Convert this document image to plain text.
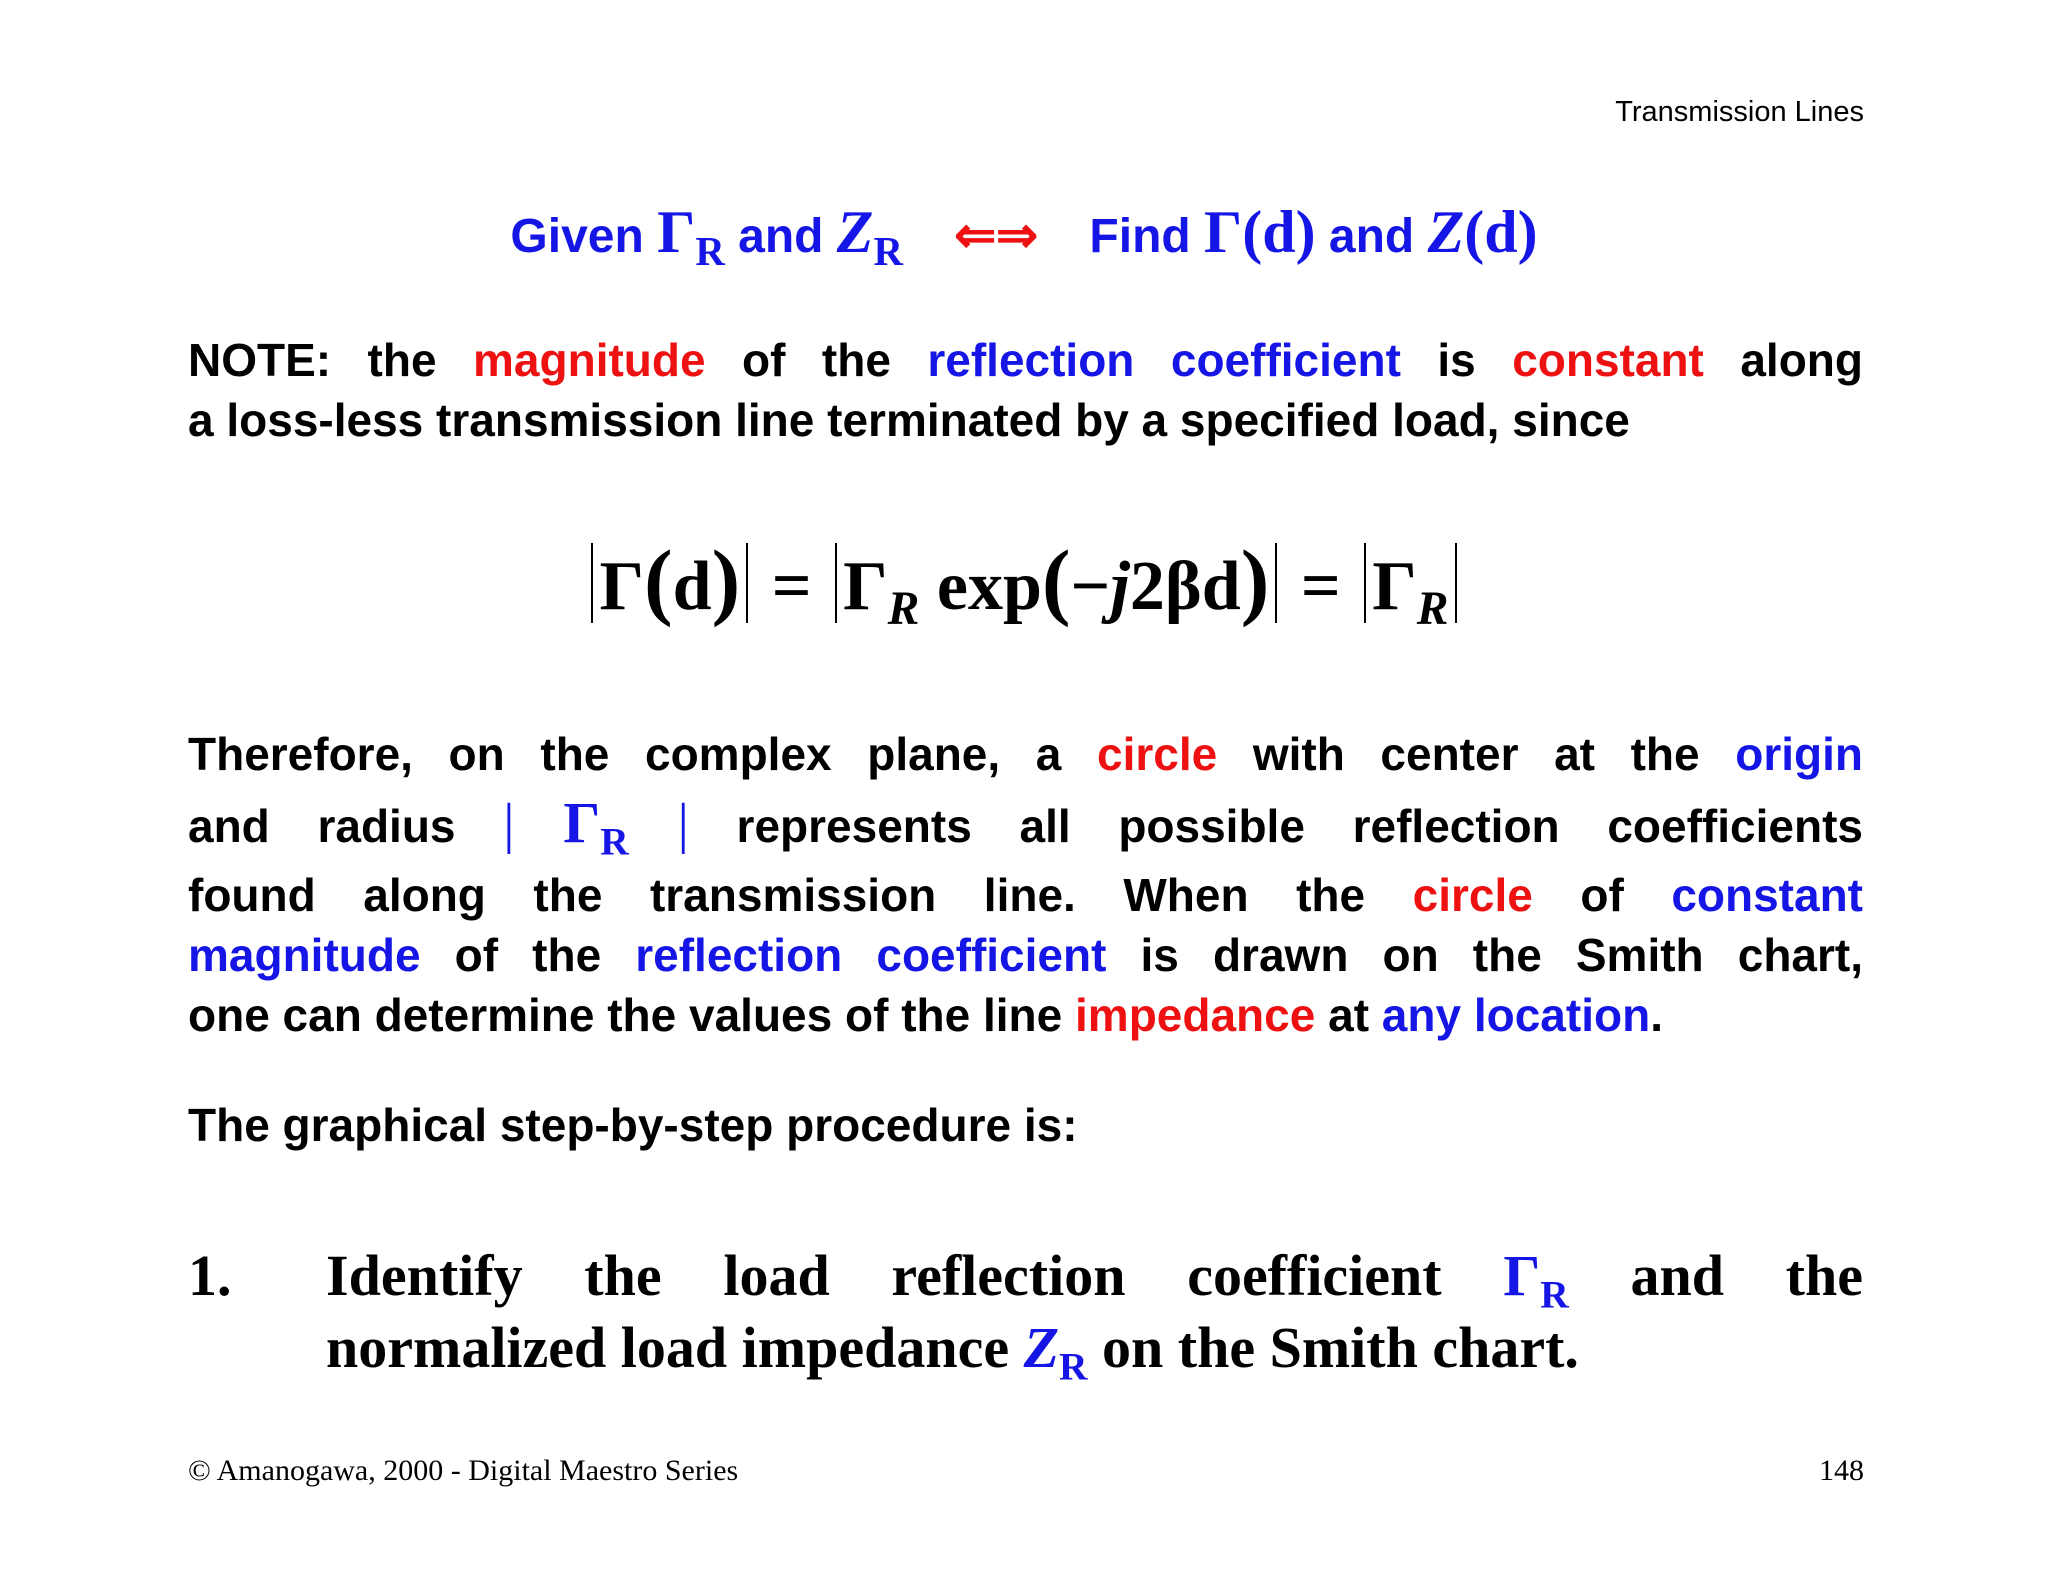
Transmission Lines
Given $\Gamma_R$ and $Z_R$ ⇐⇒ Find Γ(d) and Z(d)
NOTE: the magnitude of the reflection coefficient is constant along
a loss-less transmission line terminated by a specified load, since
$\Gamma(d) = \Gamma_R$ $\exp(-j2\beta d) = \Gamma_R$
Therefore, on the complex plane, a circle with center at the origin
and radius | $\Gamma_R$ | represents all possible reflection coefficients
found along the transmission line. When the circle of constant
magnitude of the reflection coefficient is drawn on the Smith chart,
one can determine the values of the line impedance at any location.
The graphical step-by-step procedure is:
1. Identify the load reflection coefficient $\Gamma_R$ and the
normalized load impedance $Z_R$ on the Smith chart.
© Amanogawa, 2000 - Digital Maestro Series	148
